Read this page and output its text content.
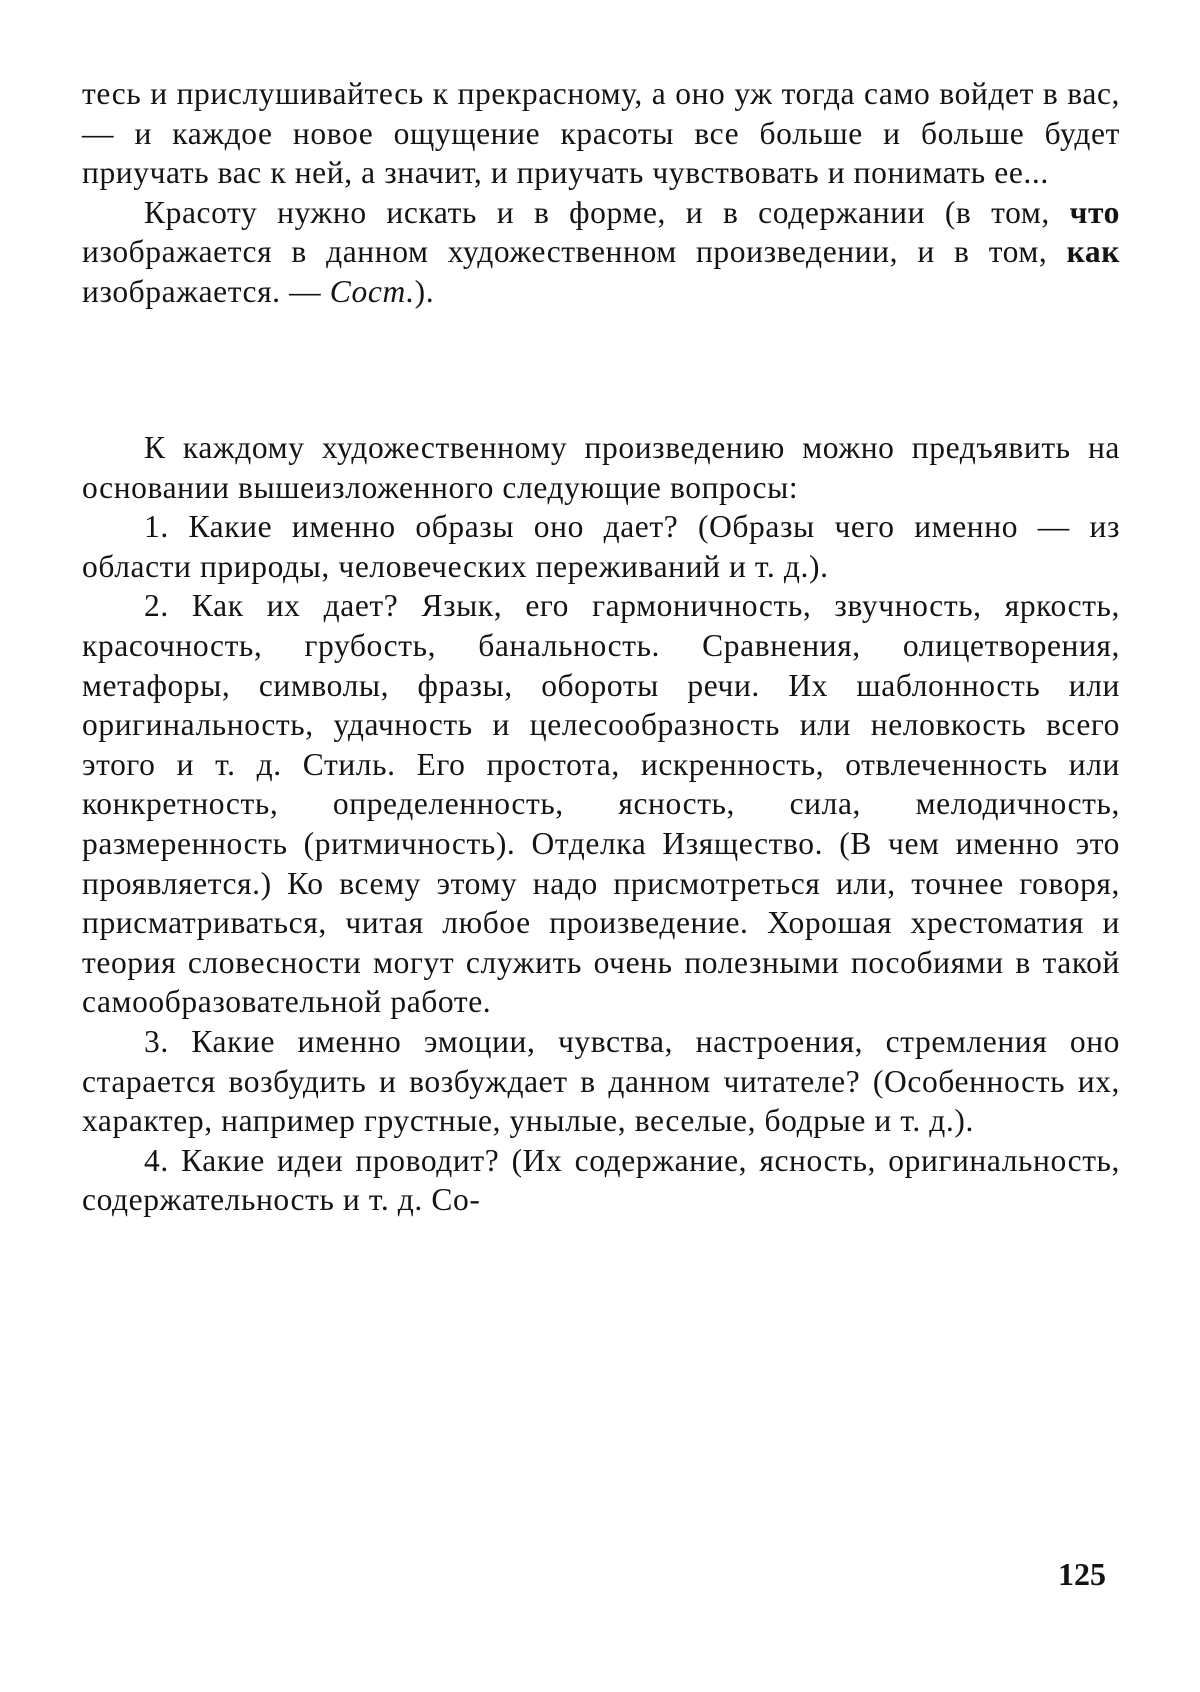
тесь и прислушивайтесь к прекрасному, а оно уж тогда само войдет в вас, — и каждое новое ощущение красоты все больше и больше будет приучать вас к ней, а значит, и приучать чувствовать и понимать ее...

Красоту нужно искать и в форме, и в содержании (в том, что изображается в данном художественном произведении, и в том, как изображается. — Сост.).

К каждому художественному произведению можно предъявить на основании вышеизложенного следующие вопросы:

1. Какие именно образы оно дает? (Образы чего именно — из области природы, человеческих переживаний и т. д.).

2. Как их дает? Язык, его гармоничность, звучность, яркость, красочность, грубость, банальность. Сравнения, олицетворения, метафоры, символы, фразы, обороты речи. Их шаблонность или оригинальность, удачность и целесообразность или неловкость всего этого и т. д. Стиль. Его простота, искренность, отвлеченность или конкретность, определенность, ясность, сила, мелодичность, размеренность (ритмичность). Отделка Изящество. (В чем именно это проявляется.) Ко всему этому надо присмотреться или, точнее говоря, присматриваться, читая любое произведение. Хорошая хрестоматия и теория словесности могут служить очень полезными пособиями в такой самообразовательной работе.

3. Какие именно эмоции, чувства, настроения, стремления оно старается возбудить и возбуждает в данном читателе? (Особенность их, характер, например грустные, унылые, веселые, бодрые и т. д.).

4. Какие идеи проводит? (Их содержание, ясность, оригинальность, содержательность и т. д. Со-

125
